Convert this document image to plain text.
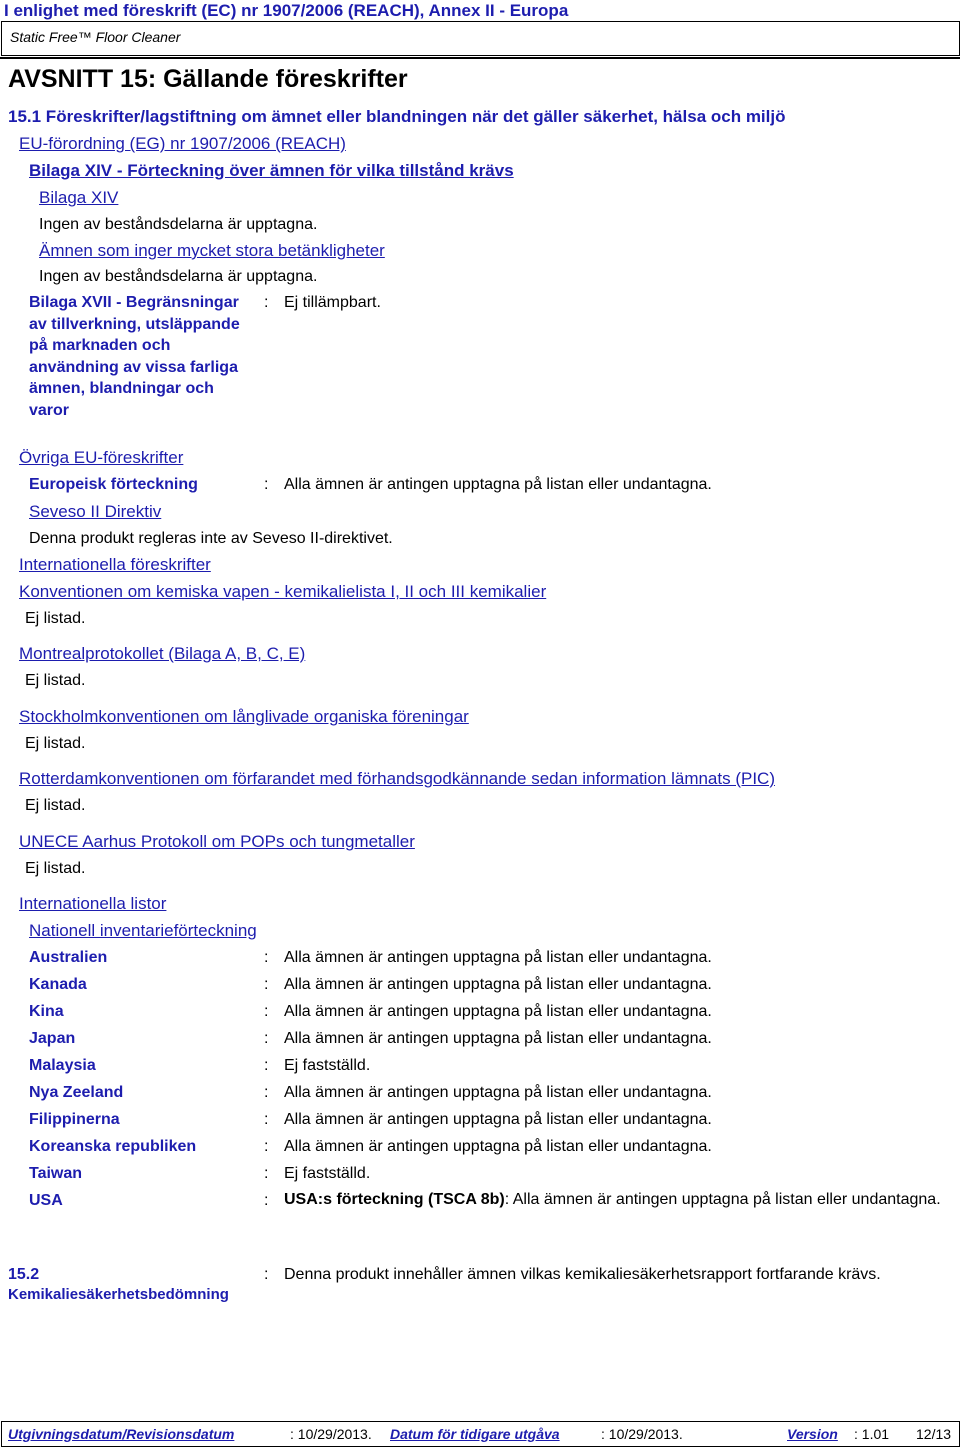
I enlighet med föreskrift (EC) nr 1907/2006 (REACH), Annex II - Europa
Static Free™ Floor Cleaner
AVSNITT 15: Gällande föreskrifter
15.1 Föreskrifter/lagstiftning om ämnet eller blandningen när det gäller säkerhet, hälsa och miljö
EU-förordning (EG) nr 1907/2006 (REACH)
Bilaga XIV - Förteckning över ämnen för vilka tillstånd krävs
Bilaga XIV
Ingen av beståndsdelarna är upptagna.
Ämnen som inger mycket stora betänkligheter
Ingen av beståndsdelarna är upptagna.
Bilaga XVII - Begränsningar av tillverkning, utsläppande på marknaden och användning av vissa farliga ämnen, blandningar och varor
: Ej tillämpbart.
Övriga EU-föreskrifter
Europeisk förteckning	: Alla ämnen är antingen upptagna på listan eller undantagna.
Seveso II Direktiv
Denna produkt regleras inte av Seveso II-direktivet.
Internationella föreskrifter
Konventionen om kemiska vapen - kemikalielista I, II och III kemikalier
Ej listad.
Montrealprotokollet (Bilaga A, B, C, E)
Ej listad.
Stockholmkonventionen om långlivade organiska föreningar
Ej listad.
Rotterdamkonventionen om förfarandet med förhandsgodkännande sedan information lämnats (PIC)
Ej listad.
UNECE Aarhus Protokoll om POPs och tungmetaller
Ej listad.
Internationella listor
Nationell inventarieförteckning
Australien	: Alla ämnen är antingen upptagna på listan eller undantagna.
Kanada	: Alla ämnen är antingen upptagna på listan eller undantagna.
Kina	: Alla ämnen är antingen upptagna på listan eller undantagna.
Japan	: Alla ämnen är antingen upptagna på listan eller undantagna.
Malaysia	: Ej fastställd.
Nya Zeeland	: Alla ämnen är antingen upptagna på listan eller undantagna.
Filippinerna	: Alla ämnen är antingen upptagna på listan eller undantagna.
Koreanska republiken	: Alla ämnen är antingen upptagna på listan eller undantagna.
Taiwan	: Ej fastställd.
USA	: USA:s förteckning (TSCA 8b): Alla ämnen är antingen upptagna på listan eller undantagna.
15.2
Kemikaliesäkerhetsbedömning
: Denna produkt innehåller ämnen vilkas kemikaliesäkerhetsrapport fortfarande krävs.
Utgivningsdatum/Revisionsdatum	: 10/29/2013. Datum för tidigare utgåva	: 10/29/2013.	Version : 1.01 12/13
